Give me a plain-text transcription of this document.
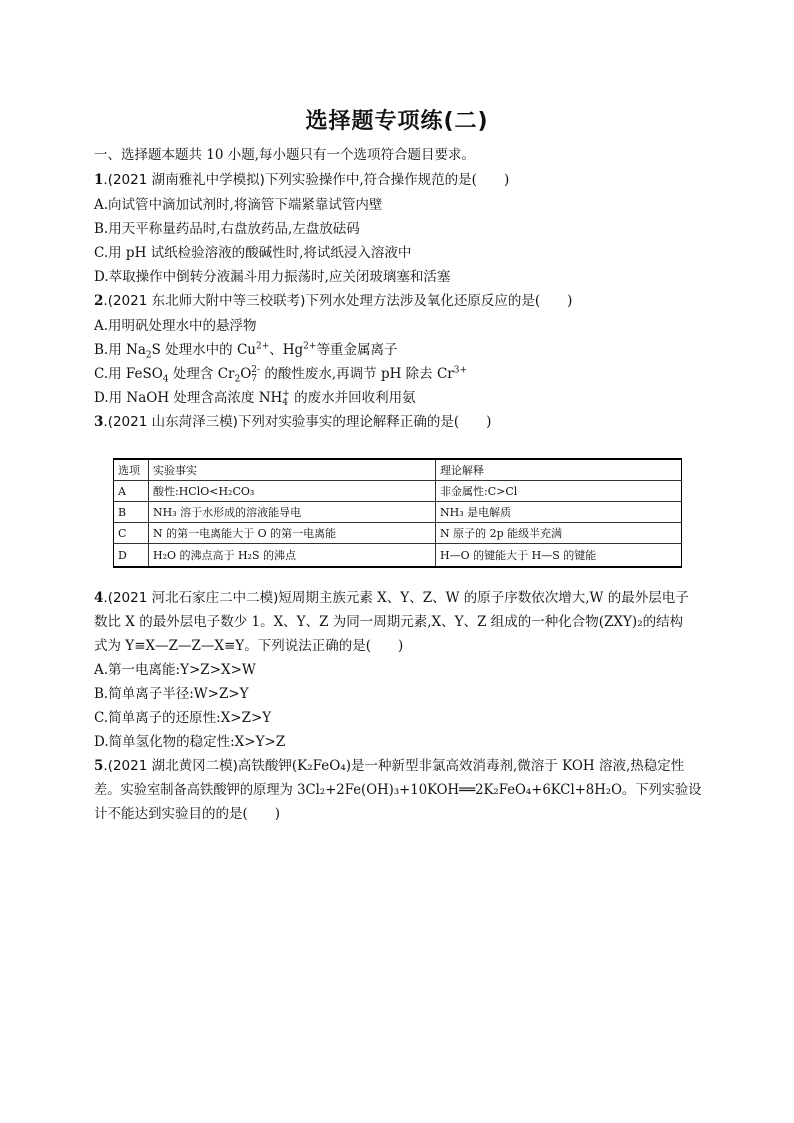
选择题专项练(二)
一、选择题本题共 10 小题,每小题只有一个选项符合题目要求。
1.(2021 湖南雅礼中学模拟)下列实验操作中,符合操作规范的是(　　)
A.向试管中滴加试剂时,将滴管下端紧靠试管内壁
B.用天平称量药品时,右盘放药品,左盘放砝码
C.用 pH 试纸检验溶液的酸碱性时,将试纸浸入溶液中
D.萃取操作中倒转分液漏斗用力振荡时,应关闭玻璃塞和活塞
2.(2021 东北师大附中等三校联考)下列水处理方法涉及氧化还原反应的是(　　)
A.用明矾处理水中的悬浮物
B.用 $Na_2S$ 处理水中的 $Cu^{2+}$、$Hg^{2+}$等重金属离子
C.用 FeSO$_4$ 处理含 $Cr_2O$ 2-
7 的酸性废水,再调节 pH 除去 $Cr^{3+}$
D.用 NaOH 处理含高浓度 NH +
4 的废水并回收利用氨
3.(2021 山东菏泽三模)下列对实验事实的理论解释正确的是(　　)
选项	实验事实	理论解释
A	酸性:HClO<H₂CO₃	非金属性:C>Cl
B	NH₃ 溶于水形成的溶液能导电	NH₃ 是电解质
C	N 的第一电离能大于 O 的第一电离能	N 原子的 2p 能级半充满
D	H₂O 的沸点高于 H₂S 的沸点	H—O 的键能大于 H—S 的键能
4.(2021 河北石家庄二中二模)短周期主族元素 X、Y、Z、W 的原子序数依次增大,W 的最外层电子
数比 X 的最外层电子数少 1。X、Y、Z 为同一周期元素,X、Y、Z 组成的一种化合物(ZXY)₂的结构
式为 Y≡X—Z—Z—X≡Y。下列说法正确的是(　　)
A.第一电离能:Y>Z>X>W
B.简单离子半径:W>Z>Y
C.简单离子的还原性:X>Z>Y
D.简单氢化物的稳定性:X>Y>Z
5.(2021 湖北黄冈二模)高铁酸钾(K₂FeO₄)是一种新型非氯高效消毒剂,微溶于 KOH 溶液,热稳定性
差。实验室制备高铁酸钾的原理为 3Cl₂+2Fe(OH)₃+10KOH══2K₂FeO₄+6KCl+8H₂O。下列实验设
计不能达到实验目的的是(　　)
